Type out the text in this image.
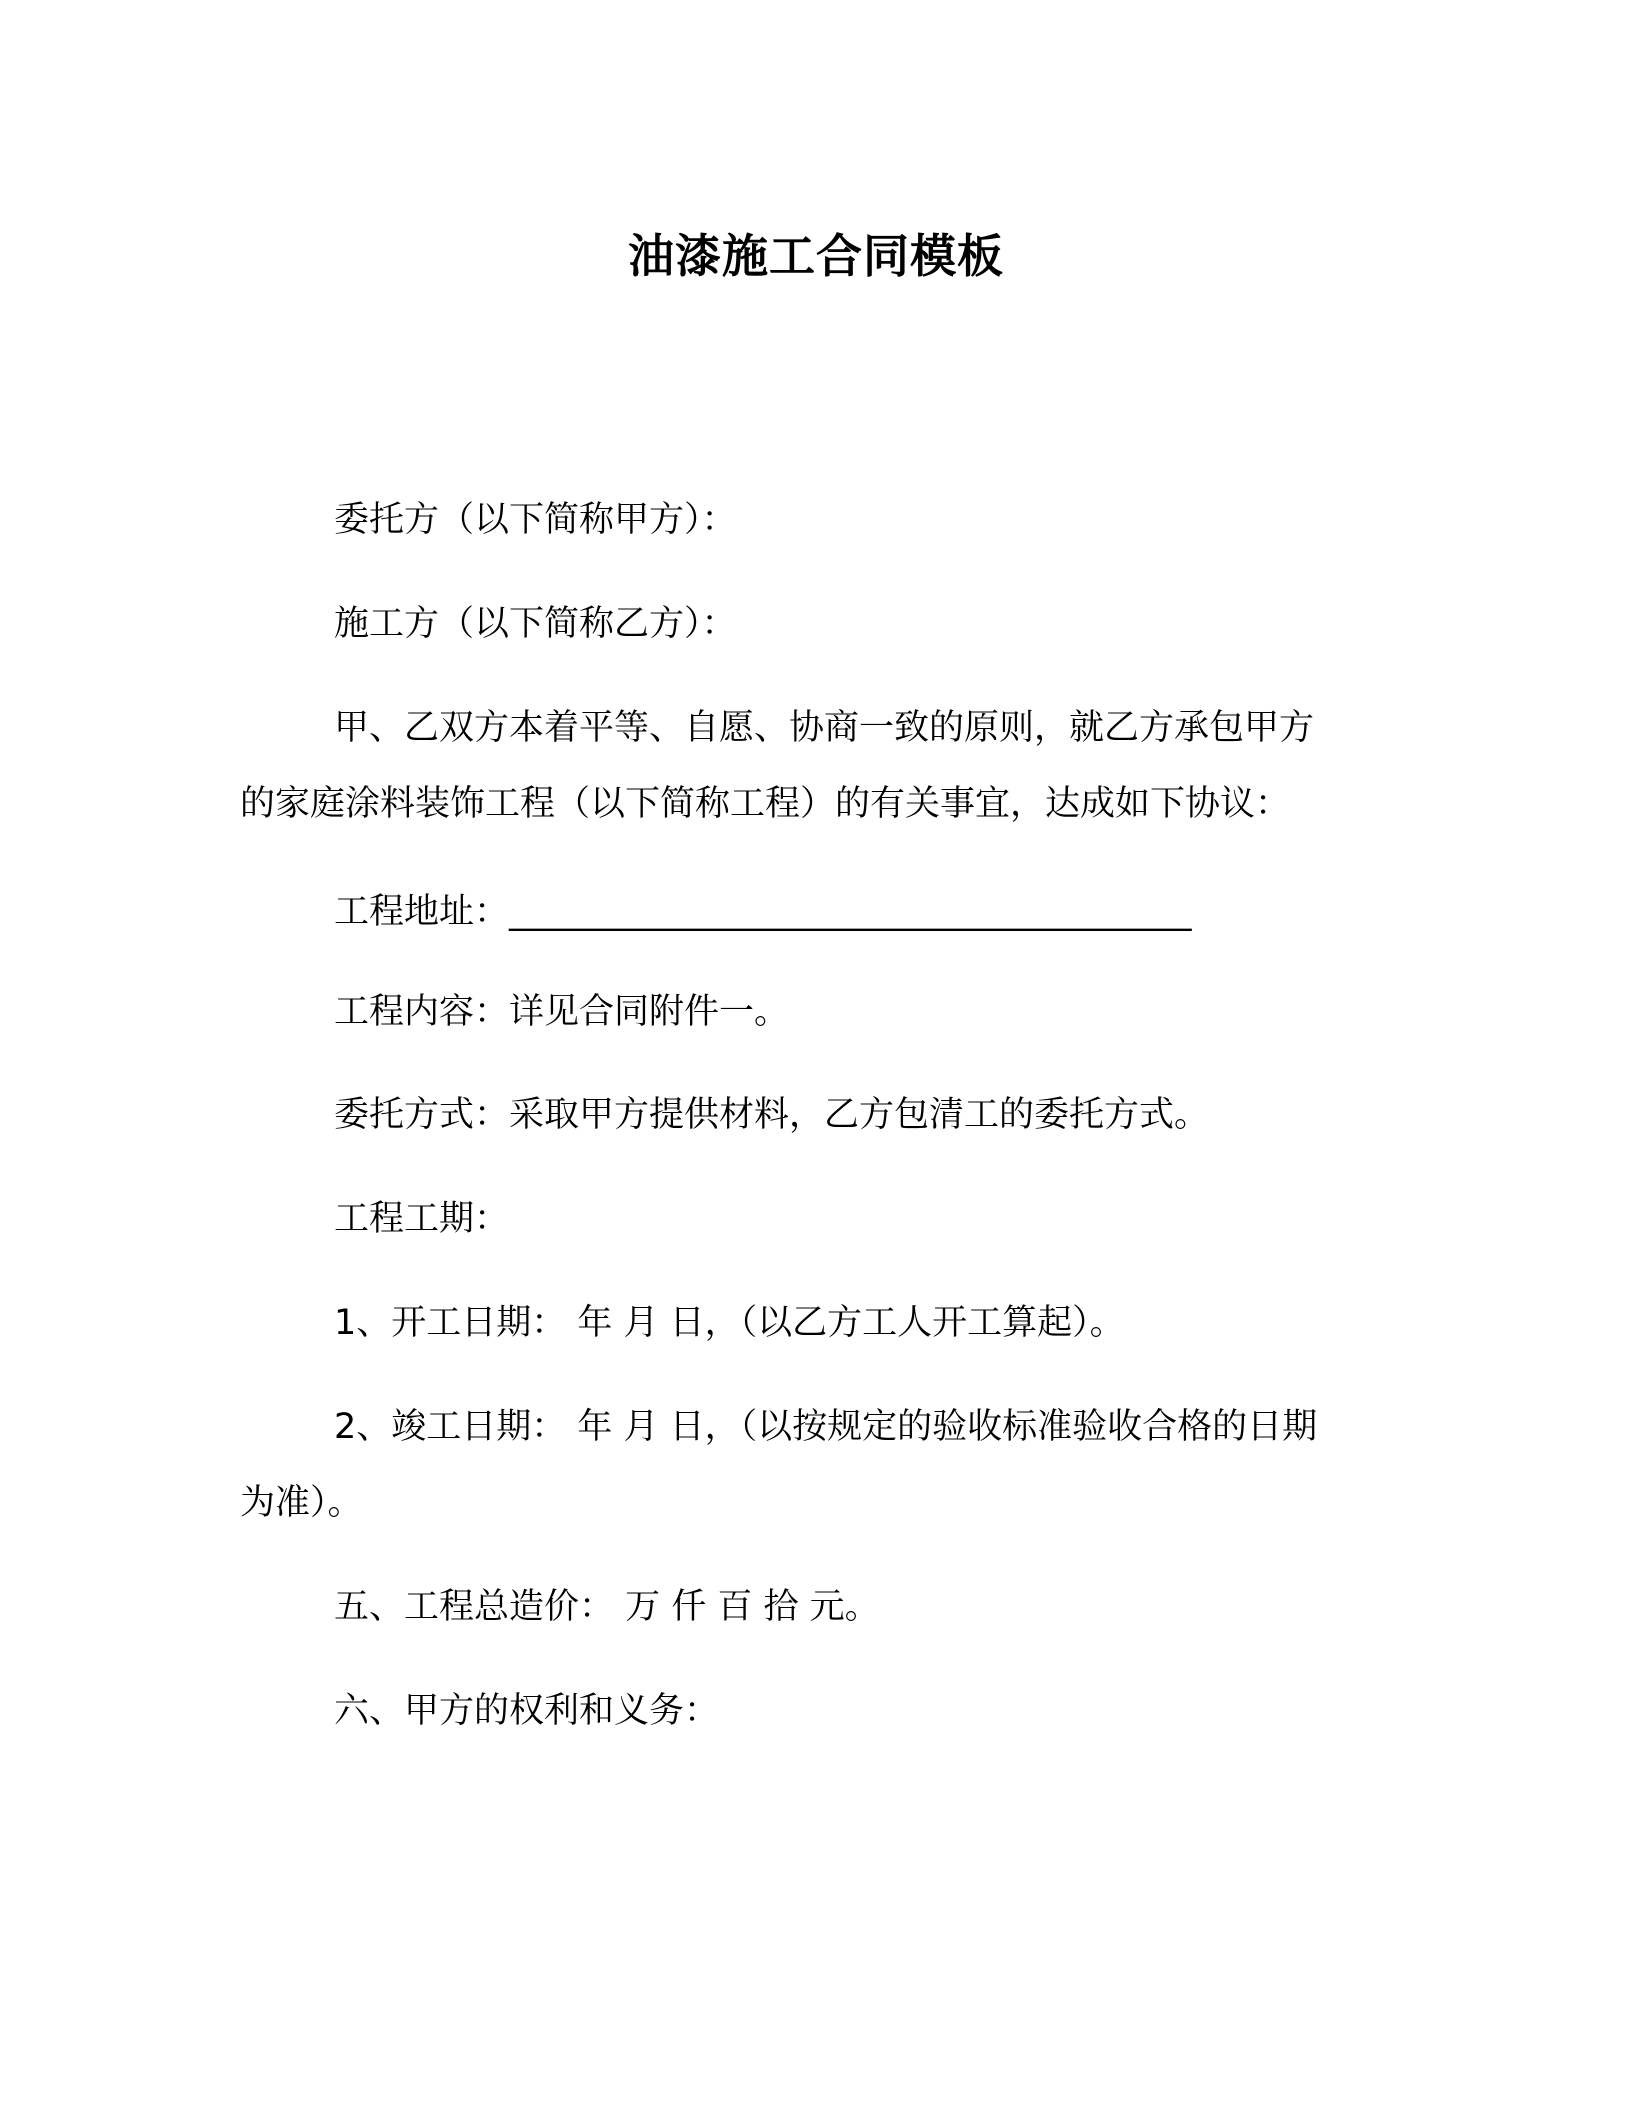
油漆施工合同模板
委托方（以下简称甲方）：
施工方（以下简称乙方）：
甲、乙双方本着平等、自愿、协商一致的原则，就乙方承包甲方
的家庭涂料装饰工程（以下简称工程）的有关事宜，达成如下协议：
工程地址：_______________________________________
工程内容：详见合同附件一。
委托方式：采取甲方提供材料，乙方包清工的委托方式。
工程工期：
1、开工日期： 年 月 日，（以乙方工人开工算起）。
2、竣工日期： 年 月 日，（以按规定的验收标准验收合格的日期
为准）。
五、工程总造价： 万 仟 百 拾 元。
六、甲方的权利和义务：
